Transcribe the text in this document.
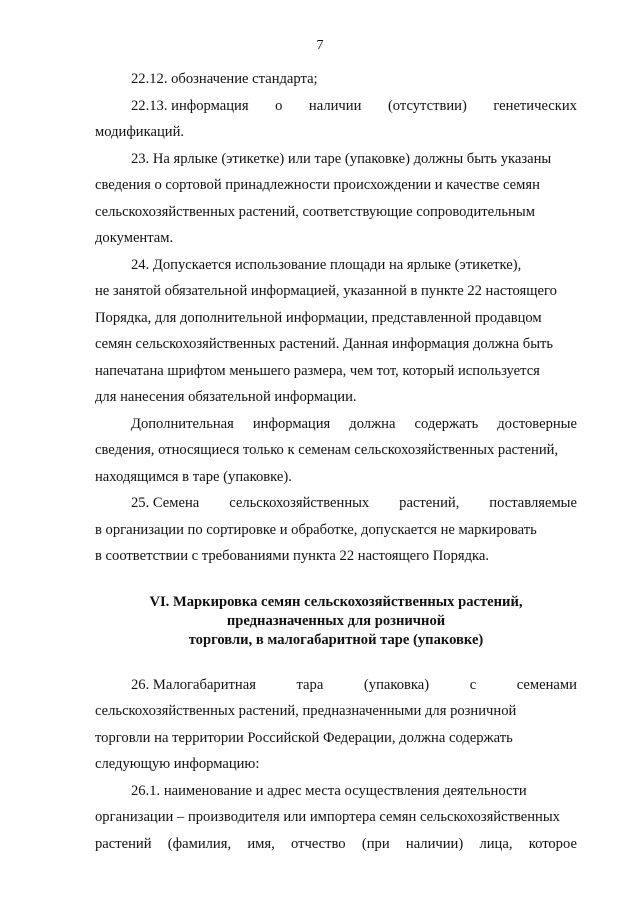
7
22.12. обозначение стандарта;
22.13. информация о наличии (отсутствии) генетических
модификаций.
23. На ярлыке (этикетке) или таре (упаковке) должны быть указаны
сведения о сортовой принадлежности происхождении и качестве семян
сельскохозяйственных растений, соответствующие сопроводительным
документам.
24. Допускается использование площади на ярлыке (этикетке),
не занятой обязательной информацией, указанной в пункте 22 настоящего
Порядка, для дополнительной информации, представленной продавцом
семян сельскохозяйственных растений. Данная информация должна быть
напечатана шрифтом меньшего размера, чем тот, который используется
для нанесения обязательной информации.
Дополнительная информация должна содержать достоверные
сведения, относящиеся только к семенам сельскохозяйственных растений,
находящимся в таре (упаковке).
25. Семена сельскохозяйственных растений, поставляемые
в организации по сортировке и обработке, допускается не маркировать
в соответствии с требованиями пункта 22 настоящего Порядка.
VI. Маркировка семян сельскохозяйственных растений,
предназначенных для розничной
торговли, в малогабаритной таре (упаковке)
26. Малогабаритная	тара	(упаковка)	с	семенами
сельскохозяйственных растений, предназначенными для розничной
торговли на территории Российской Федерации, должна содержать
следующую информацию:
26.1. наименование и адрес места осуществления деятельности
организации – производителя или импортера семян сельскохозяйственных
растений (фамилия, имя, отчество (при наличии) лица, которое
